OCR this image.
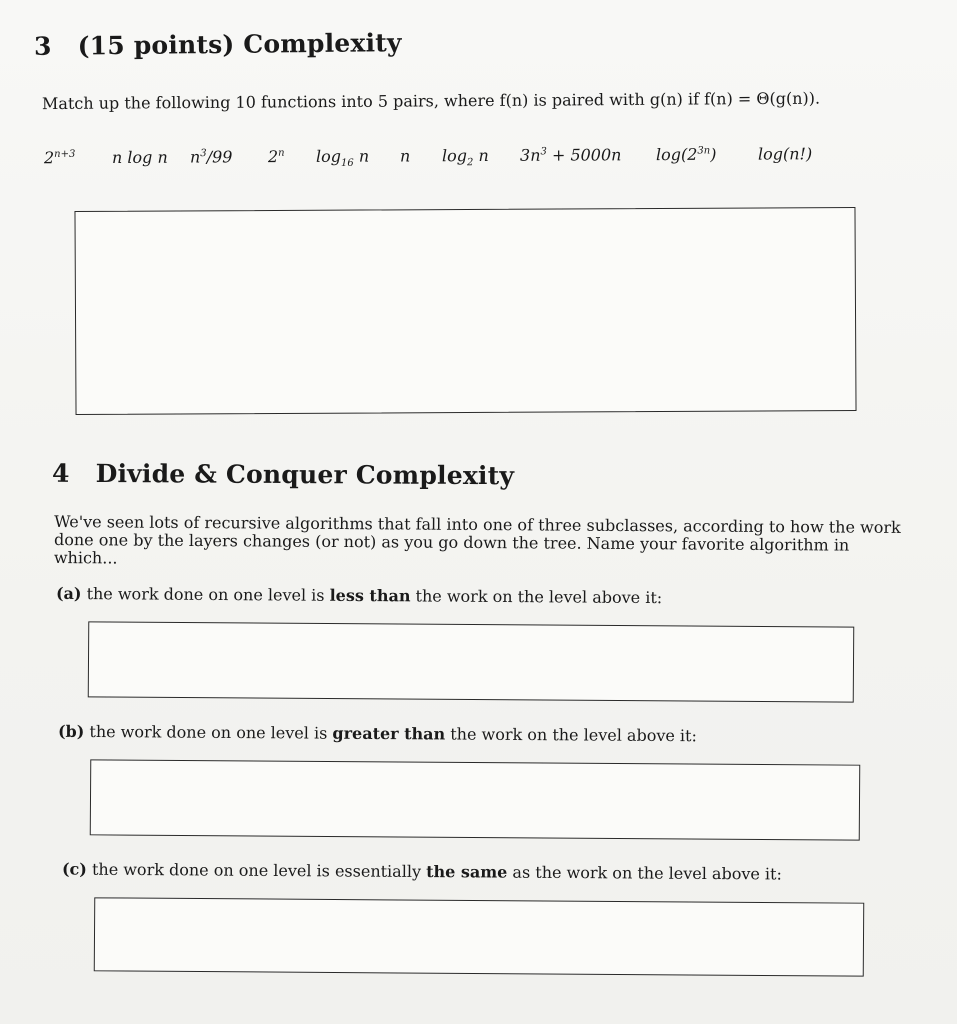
3 (15 points) Complexity
Match up the following 10 functions into 5 pairs, where f(n) is paired with g(n) if f(n) = Θ(g(n)).
$2^{n+3}$ n log n $n^3/99$ 2$^n$ $\log_{16} n$ n $\log_2 n$ $3n^3 + 5000n$ $\log(2^{3n})$	log(n!)
4 Divide & Conquer Complexity
We've seen lots of recursive algorithms that fall into one of three subclasses, according to how the work
done one by the layers changes (or not) as you go down the tree. Name your favorite algorithm in which...
(a) the work done on one level is less than the work on the level above it:
(b) the work done on one level is greater than the work on the level above it:
(c) the work done on one level is essentially the same as the work on the level above it:
